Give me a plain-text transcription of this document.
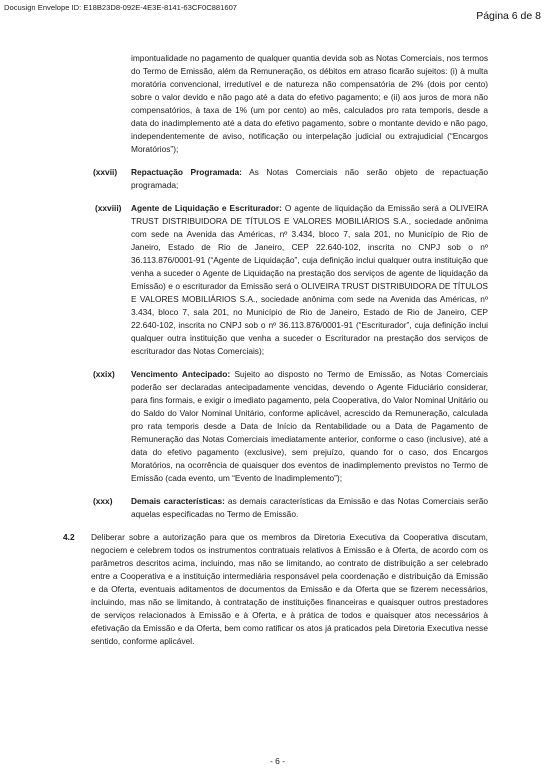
Docusign Envelope ID: E18B23D8-092E-4E3E-8141-63CF0C881607
Página 6 de 8

impontualidade no pagamento de qualquer quantia devida sob as Notas Comerciais, nos termos do Termo de Emissão, além da Remuneração, os débitos em atraso ficarão sujeitos: (i) à multa moratória convencional, irredutível e de natureza não compensatória de 2% (dois por cento) sobre o valor devido e não pago até a data do efetivo pagamento; e (ii) aos juros de mora não compensatórios, à taxa de 1% (um por cento) ao mês, calculados pro rata temporis, desde a data do inadimplemento até a data do efetivo pagamento, sobre o montante devido e não pago, independentemente de aviso, notificação ou interpelação judicial ou extrajudicial (“Encargos Moratórios”);

(xxvii) Repactuação Programada: As Notas Comerciais não serão objeto de repactuação programada;

(xxviii) Agente de Liquidação e Escriturador: O agente de liquidação da Emissão será a OLIVEIRA TRUST DISTRIBUIDORA DE TÍTULOS E VALORES MOBILIÁRIOS S.A., sociedade anônima com sede na Avenida das Américas, nº 3.434, bloco 7, sala 201, no Município de Rio de Janeiro, Estado de Rio de Janeiro, CEP 22.640-102, inscrita no CNPJ sob o nº 36.113.876/0001-91 (“Agente de Liquidação”, cuja definição inclui qualquer outra instituição que venha a suceder o Agente de Liquidação na prestação dos serviços de agente de liquidação da Emissão) e o escriturador da Emissão será o OLIVEIRA TRUST DISTRIBUIDORA DE TÍTULOS E VALORES MOBILIÁRIOS S.A., sociedade anônima com sede na Avenida das Américas, nº 3.434, bloco 7, sala 201, no Município de Rio de Janeiro, Estado de Rio de Janeiro, CEP 22.640-102, inscrita no CNPJ sob o nº 36.113.876/0001-91 (“Escriturador”, cuja definição inclui qualquer outra instituição que venha a suceder o Escriturador na prestação dos serviços de escriturador das Notas Comerciais);

(xxix) Vencimento Antecipado: Sujeito ao disposto no Termo de Emissão, as Notas Comerciais poderão ser declaradas antecipadamente vencidas, devendo o Agente Fiduciário considerar, para fins formais, e exigir o imediato pagamento, pela Cooperativa, do Valor Nominal Unitário ou do Saldo do Valor Nominal Unitário, conforme aplicável, acrescido da Remuneração, calculada pro rata temporis desde a Data de Início da Rentabilidade ou a Data de Pagamento de Remuneração das Notas Comerciais imediatamente anterior, conforme o caso (inclusive), até a data do efetivo pagamento (exclusive), sem prejuízo, quando for o caso, dos Encargos Moratórios, na ocorrência de quaisquer dos eventos de inadimplemento previstos no Termo de Emissão (cada evento, um “Evento de Inadimplemento”);

(xxx) Demais características: as demais características da Emissão e das Notas Comerciais serão aquelas especificadas no Termo de Emissão.

4.2 Deliberar sobre a autorização para que os membros da Diretoria Executiva da Cooperativa discutam, negociem e celebrem todos os instrumentos contratuais relativos à Emissão e à Oferta, de acordo com os parâmetros descritos acima, incluindo, mas não se limitando, ao contrato de distribuição a ser celebrado entre a Cooperativa e a instituição intermediária responsável pela coordenação e distribuição da Emissão e da Oferta, eventuais aditamentos de documentos da Emissão e da Oferta que se fizerem necessários, incluindo, mas não se limitando, à contratação de instituições financeiras e quaisquer outros prestadores de serviços relacionados à Emissão e à Oferta, e à prática de todos e quaisquer atos necessários à efetivação da Emissão e da Oferta, bem como ratificar os atos já praticados pela Diretoria Executiva nesse sentido, conforme aplicável.

- 6 -
